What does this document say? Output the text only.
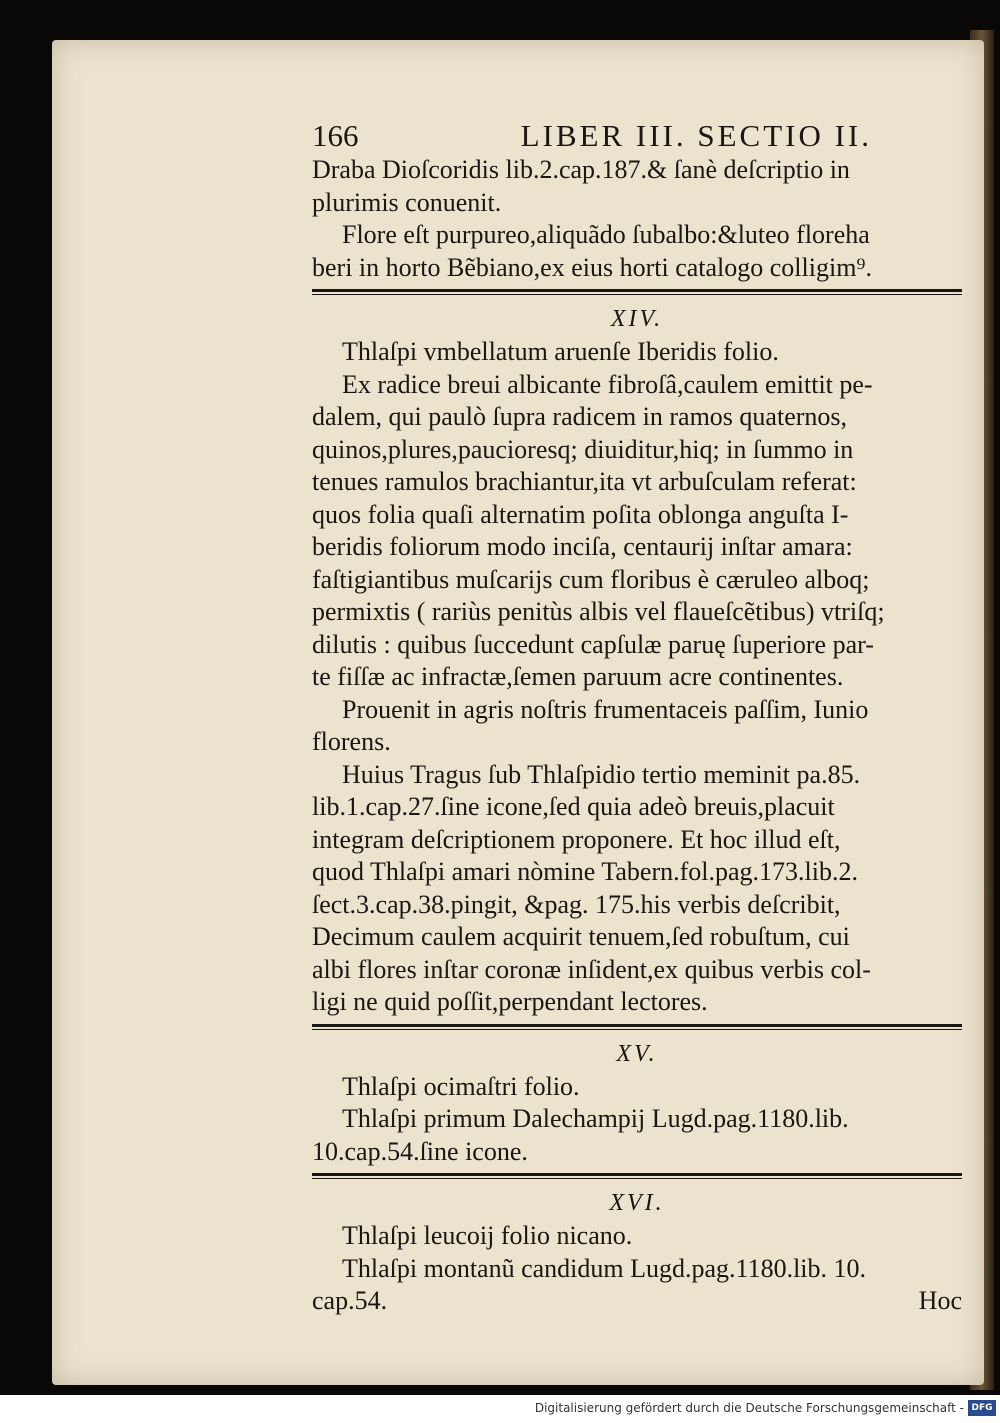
166	LIBER III. SECTIO II.
Draba Dioſcoridis lib.2.cap.187.& ſanè deſcriptio in
plurimis conuenit.
Flore eſt purpureo,aliquãdo ſubalbo:&luteo floreha
beri in horto Bẽbiano,ex eius horti catalogo colligim⁹.
XIV.
Thlaſpi vmbellatum aruenſe Iberidis folio.
Ex radice breui albicante fibroſâ,caulem emittit pe-
dalem, qui paulò ſupra radicem in ramos quaternos,
quinos,plures,paucioresq; diuiditur,hiq; in ſummo in
tenues ramulos brachiantur,ita vt arbuſculam referat:
quos folia quaſi alternatim poſita oblonga anguſta I-
beridis foliorum modo inciſa, centaurij inſtar amara:
faſtigiantibus muſcarijs cum floribus è cæruleo alboq;
permixtis ( rariùs penitùs albis vel flaueſcẽtibus) vtriſq;
dilutis : quibus ſuccedunt capſulæ paruę ſuperiore par-
te fiſſæ ac infractæ,ſemen paruum acre continentes.
Prouenit in agris noſtris frumentaceis paſſim, Iunio
florens.
Huius Tragus ſub Thlaſpidio tertio meminit pa.85.
lib.1.cap.27.ſine icone,ſed quia adeò breuis,placuit
integram deſcriptionem proponere. Et hoc illud eſt,
quod Thlaſpi amari nòmine Tabern.fol.pag.173.lib.2.
ſect.3.cap.38.pingit, &pag. 175.his verbis deſcribit,
Decimum caulem acquirit tenuem,ſed robuſtum, cui
albi flores inſtar coronæ inſident,ex quibus verbis col-
ligi ne quid poſſit,perpendant lectores.
XV.
Thlaſpi ocimaſtri folio.
Thlaſpi primum Dalechampij Lugd.pag.1180.lib.
10.cap.54.ſine icone.
XVI.
Thlaſpi leucoij folio nicano.
Thlaſpi montanũ candidum Lugd.pag.1180.lib. 10.
cap.54.	Hoc
Digitalisierung gefördert durch die Deutsche Forschungsgemeinschaft - DFG
